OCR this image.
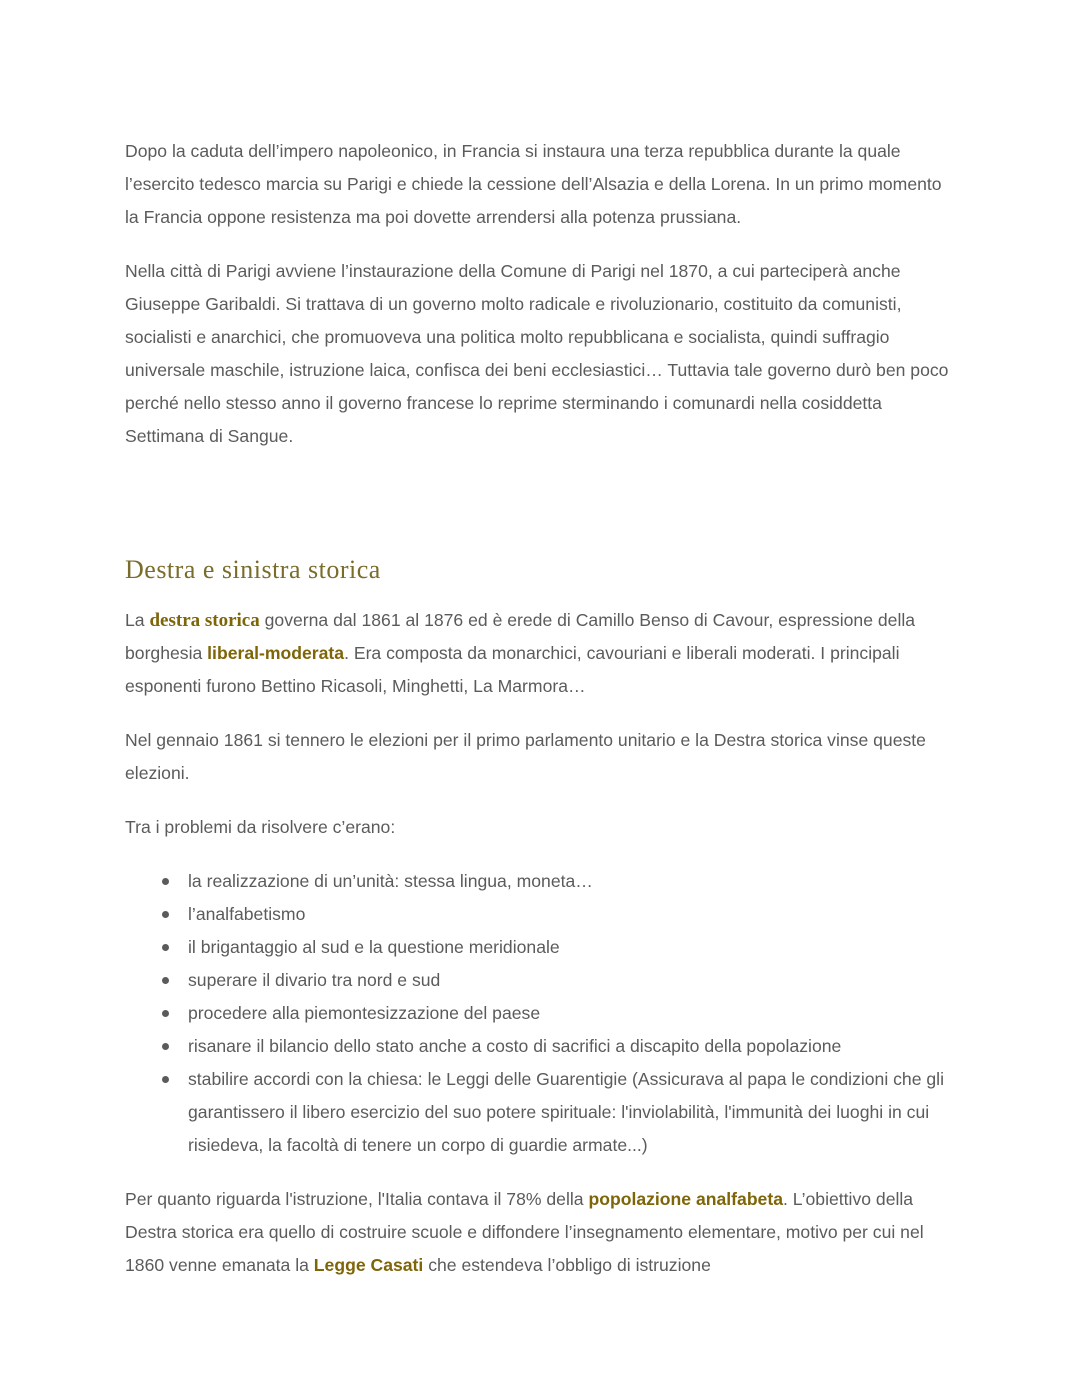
Dopo la caduta dell’impero napoleonico, in Francia si instaura una terza repubblica durante la quale l’esercito tedesco marcia su Parigi e chiede la cessione dell’Alsazia e della Lorena. In un primo momento la Francia oppone resistenza ma poi dovette arrendersi alla potenza prussiana.

Nella città di Parigi avviene l’instaurazione della Comune di Parigi nel 1870, a cui parteciperà anche Giuseppe Garibaldi. Si trattava di un governo molto radicale e rivoluzionario, costituito da comunisti, socialisti e anarchici, che promuoveva una politica molto repubblicana e socialista, quindi suffragio universale maschile, istruzione laica, confisca dei beni ecclesiastici… Tuttavia tale governo durò ben poco perché nello stesso anno il governo francese lo reprime sterminando i comunardi nella cosiddetta Settimana di Sangue.

Destra e sinistra storica

La destra storica governa dal 1861 al 1876 ed è erede di Camillo Benso di Cavour, espressione della borghesia liberal-moderata. Era composta da monarchici, cavouriani e liberali moderati. I principali esponenti furono Bettino Ricasoli, Minghetti, La Marmora…

Nel gennaio 1861 si tennero le elezioni per il primo parlamento unitario e la Destra storica vinse queste elezioni.

Tra i problemi da risolvere c’erano:

la realizzazione di un’unità: stessa lingua, moneta…
l’analfabetismo
il brigantaggio al sud e la questione meridionale
superare il divario tra nord e sud
procedere alla piemontesizzazione del paese
risanare il bilancio dello stato anche a costo di sacrifici a discapito della popolazione
stabilire accordi con la chiesa: le Leggi delle Guarentigie (Assicurava al papa le condizioni che gli garantissero il libero esercizio del suo potere spirituale: l'inviolabilità, l'immunità dei luoghi in cui risiedeva, la facoltà di tenere un corpo di guardie armate...)

Per quanto riguarda l'istruzione, l'Italia contava il 78% della popolazione analfabeta. L’obiettivo della Destra storica era quello di costruire scuole e diffondere l’insegnamento elementare, motivo per cui nel 1860 venne emanata la Legge Casati che estendeva l’obbligo di istruzione
